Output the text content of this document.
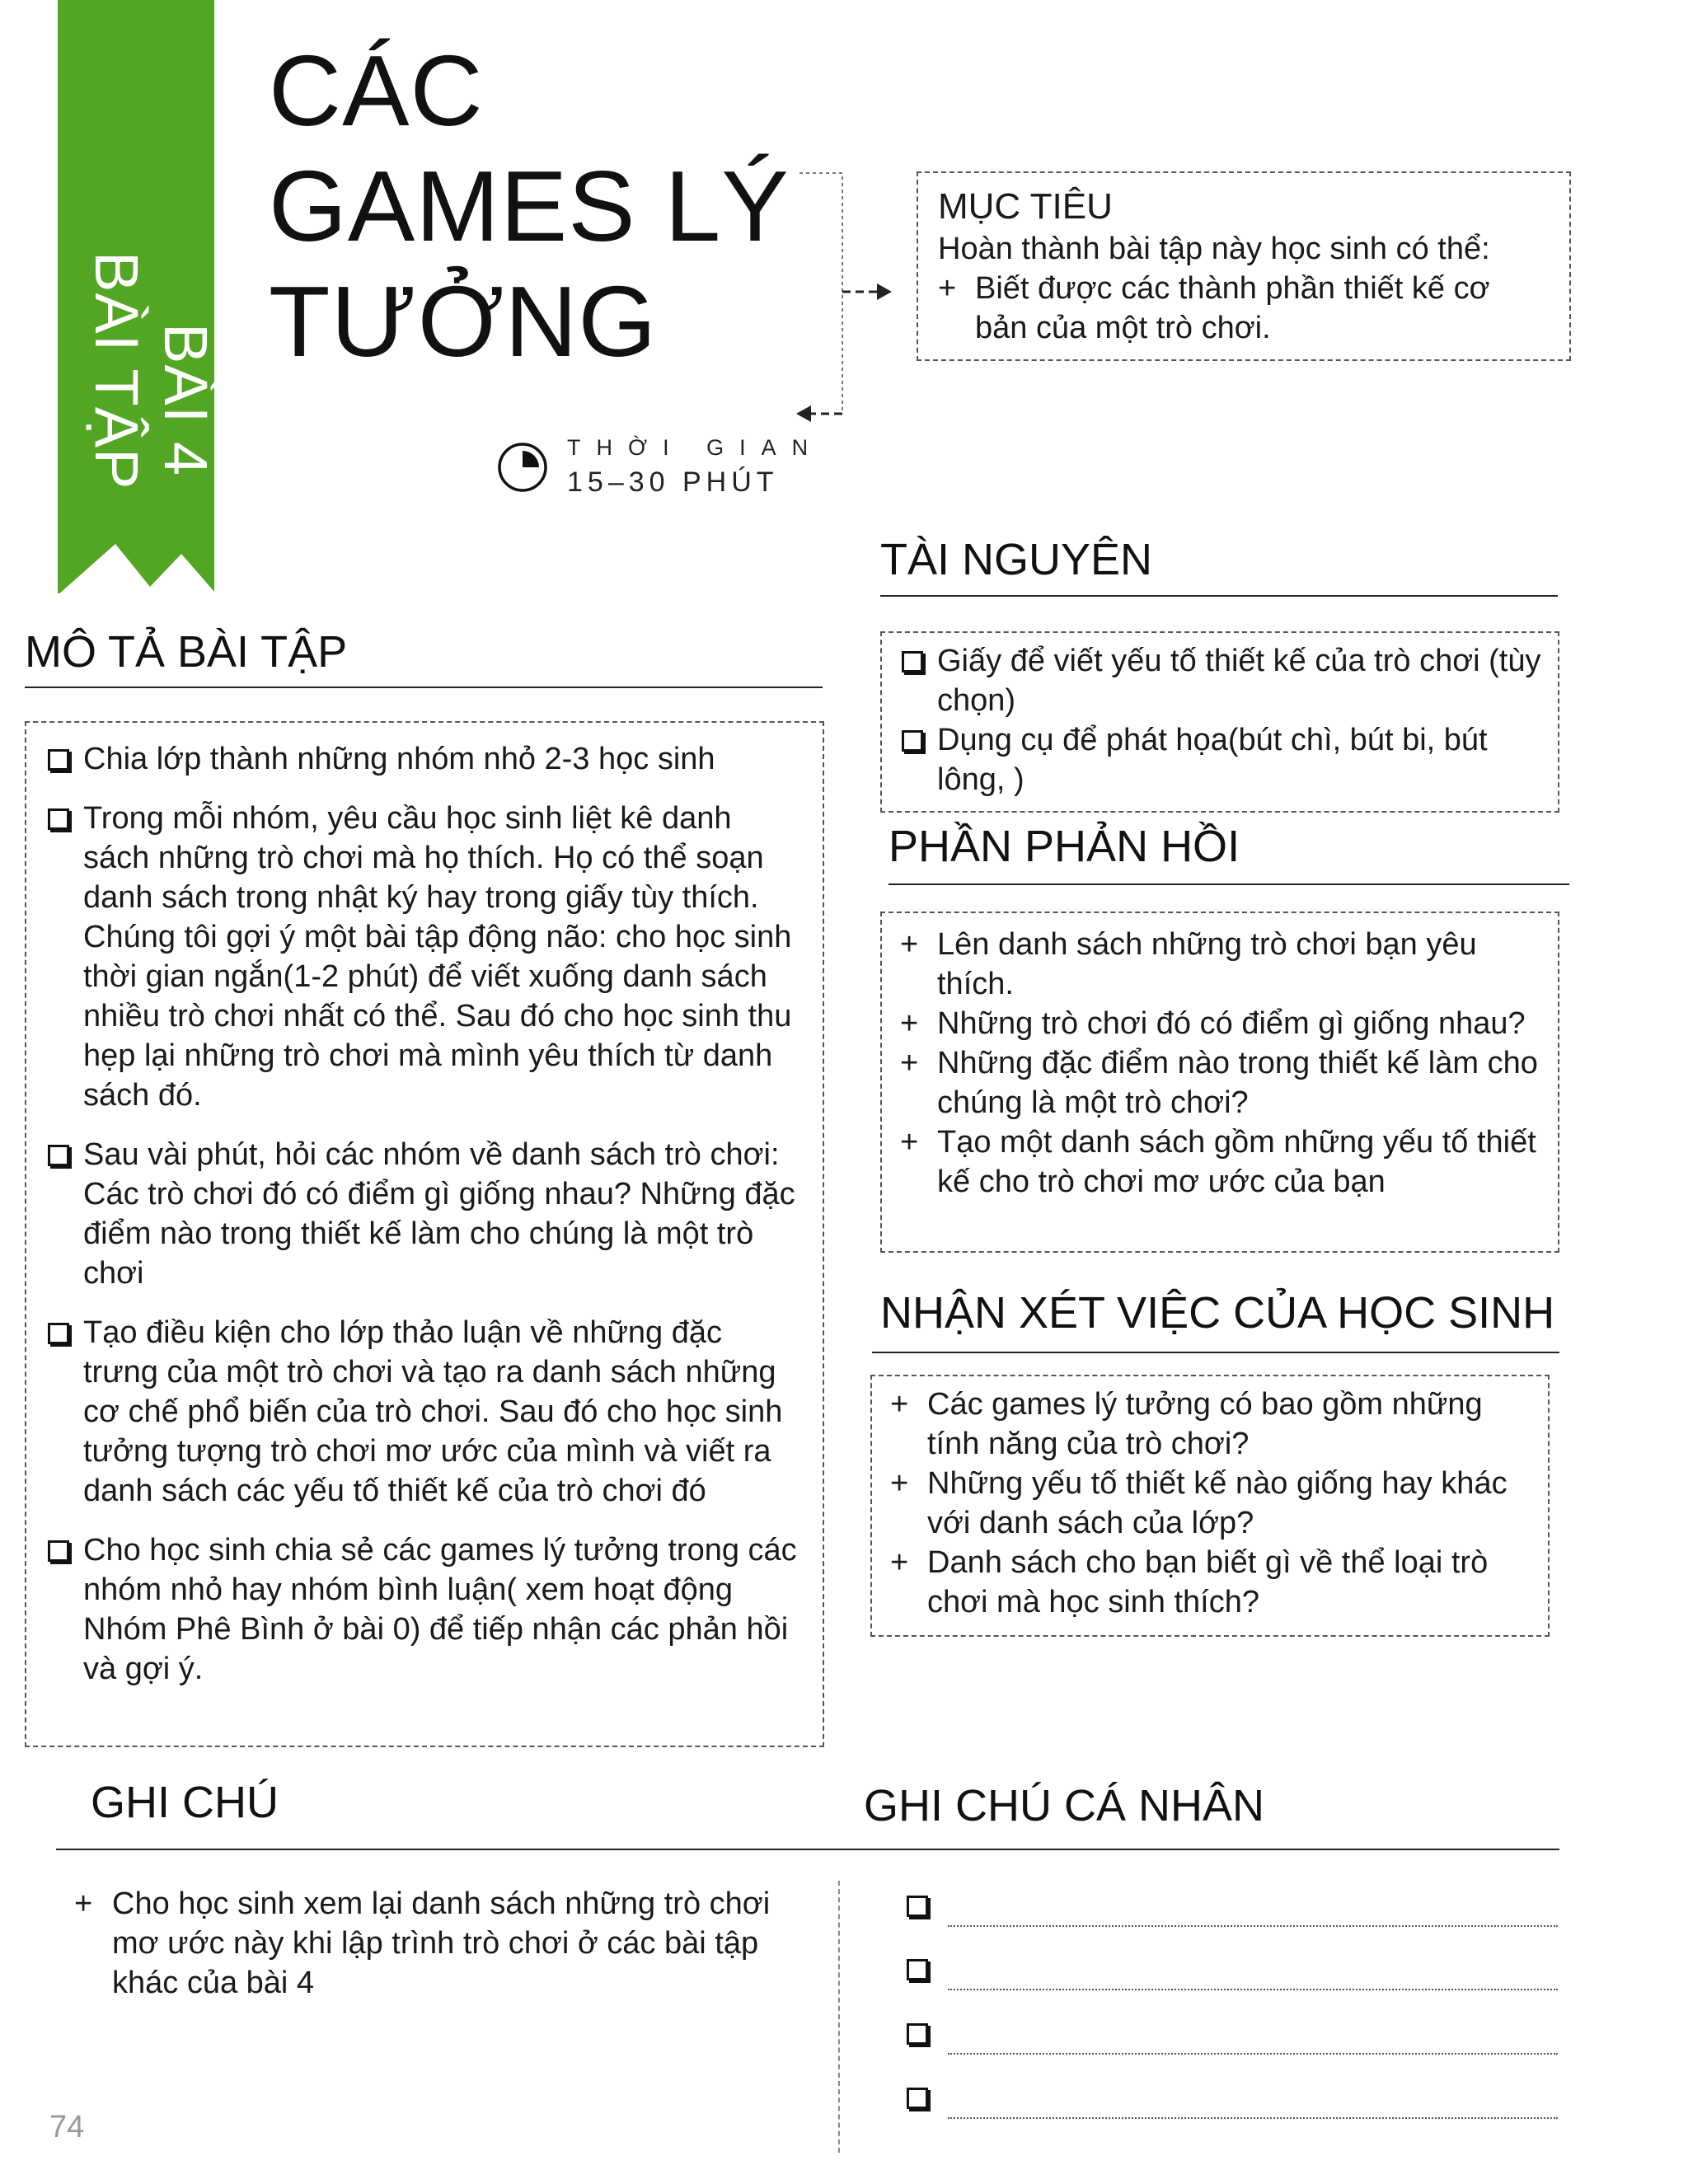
BÀI 4
BÀI TẬP
CÁC
GAMES LÝ
TƯỞNG
THỜI GIAN
15–30 PHÚT
MỤC TIÊU
Hoàn thành bài tập này học sinh có thể:
+ Biết được các thành phần thiết kế cơ bản của một trò chơi.
MÔ TẢ BÀI TẬP
Chia lớp thành những nhóm nhỏ 2-3 học sinh
Trong mỗi nhóm, yêu cầu học sinh liệt kê danh sách những trò chơi mà họ thích. Họ có thể soạn danh sách trong nhật ký hay trong giấy tùy thích. Chúng tôi gợi ý một bài tập động não: cho học sinh thời gian ngắn(1-2 phút) để viết xuống danh sách nhiều trò chơi nhất có thể. Sau đó cho học sinh thu hẹp lại những trò chơi mà mình yêu thích từ danh sách đó.
Sau vài phút, hỏi các nhóm về danh sách trò chơi: Các trò chơi đó có điểm gì giống nhau? Những đặc điểm nào trong thiết kế làm cho chúng là một trò chơi
Tạo điều kiện cho lớp thảo luận về những đặc trưng của một trò chơi và tạo ra danh sách những cơ chế phổ biến của trò chơi. Sau đó cho học sinh tưởng tượng trò chơi mơ ước của mình và viết ra danh sách các yếu tố thiết kế của trò chơi đó
Cho học sinh chia sẻ các games lý tưởng trong các nhóm nhỏ hay nhóm bình luận( xem hoạt động Nhóm Phê Bình ở bài 0) để tiếp nhận các phản hồi và gợi ý.
TÀI NGUYÊN
Giấy để viết yếu tố thiết kế của trò chơi (tùy chọn)
Dụng cụ để phát họa(bút chì, bút bi, bút lông, )
PHẦN PHẢN HỒI
+ Lên danh sách những trò chơi bạn yêu thích.
+ Những trò chơi đó có điểm gì giống nhau?
+ Những đặc điểm nào trong thiết kế làm cho chúng là một trò chơi?
+ Tạo một danh sách gồm những yếu tố thiết kế cho trò chơi mơ ước của bạn
NHẬN XÉT VIỆC CỦA HỌC SINH
+ Các games lý tưởng có bao gồm những tính năng của trò chơi?
+ Những yếu tố thiết kế nào giống hay khác với danh sách của lớp?
+ Danh sách cho bạn biết gì về thể loại trò chơi mà học sinh thích?
GHI CHÚ	GHI CHÚ CÁ NHÂN
+ Cho học sinh xem lại danh sách những trò chơi mơ ước này khi lập trình trò chơi ở các bài tập khác của bài 4
74
